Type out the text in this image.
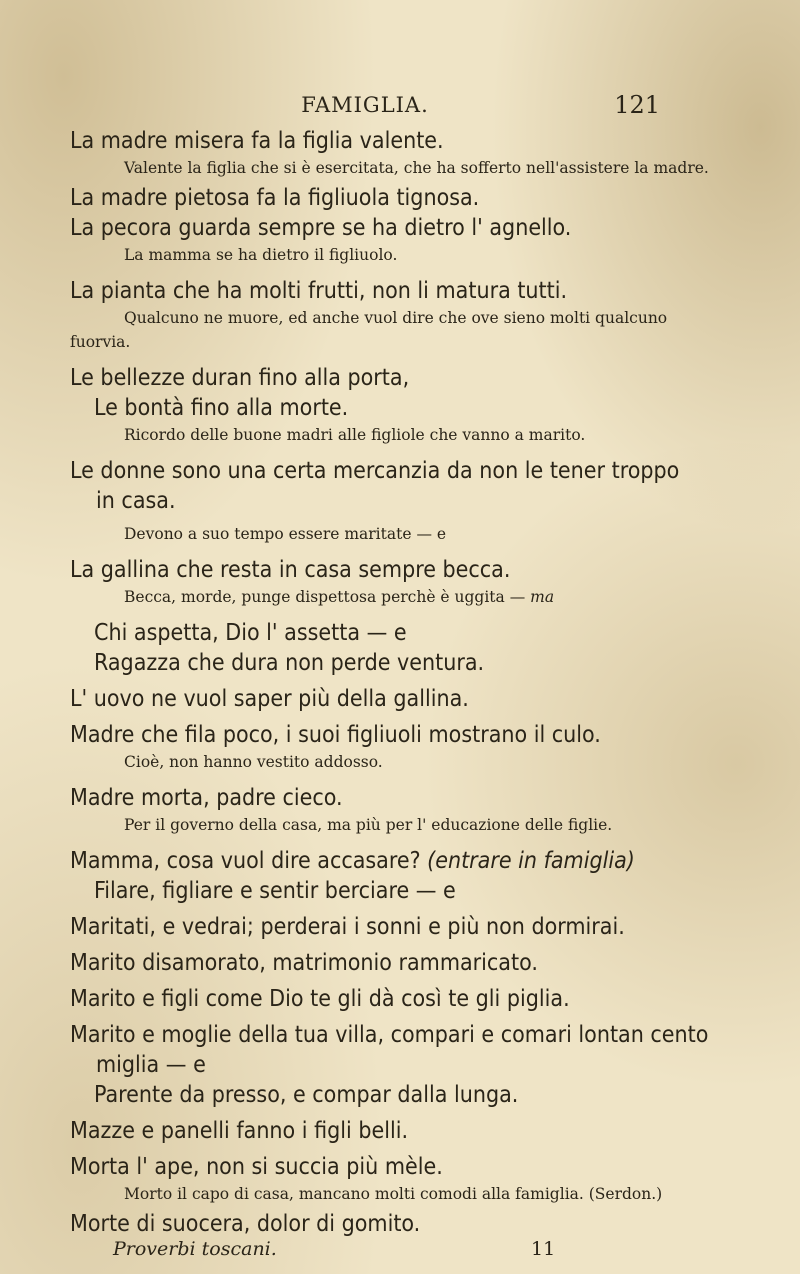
FAMIGLIA.	121

La madre misera fa la figlia valente.

Valente la figlia che si è esercitata, che ha sofferto nell'assistere la madre.

La madre pietosa fa la figliuola tignosa.

La pecora guarda sempre se ha dietro l' agnello.

La mamma se ha dietro il figliuolo.

La pianta che ha molti frutti, non li matura tutti.

Qualcuno ne muore, ed anche vuol dire che ove sieno molti qualcuno fuorvia.

Le bellezze duran fino alla porta,

Le bontà fino alla morte.

Ricordo delle buone madri alle figliole che vanno a marito.

Le donne sono una certa mercanzia da non le tener troppo

in casa.

Devono a suo tempo essere maritate — e

La gallina che resta in casa sempre becca.

Becca, morde, punge dispettosa perchè è uggita — ma

Chi aspetta, Dio l' assetta — e

Ragazza che dura non perde ventura.

L' uovo ne vuol saper più della gallina.

Madre che fila poco, i suoi figliuoli mostrano il culo.

Cioè, non hanno vestito addosso.

Madre morta, padre cieco.

Per il governo della casa, ma più per l' educazione delle figlie.

Mamma, cosa vuol dire accasare? (entrare in famiglia)

Filare, figliare e sentir berciare — e

Maritati, e vedrai; perderai i sonni e più non dormirai.

Marito disamorato, matrimonio rammaricato.

Marito e figli come Dio te gli dà così te gli piglia.

Marito e moglie della tua villa, compari e comari lontan cento

miglia — e

Parente da presso, e compar dalla lunga.

Mazze e panelli fanno i figli belli.

Morta l' ape, non si succia più mèle.

Morto il capo di casa, mancano molti comodi alla famiglia. (Serdon.)

Morte di suocera, dolor di gomito.

Proverbi toscani.	11
